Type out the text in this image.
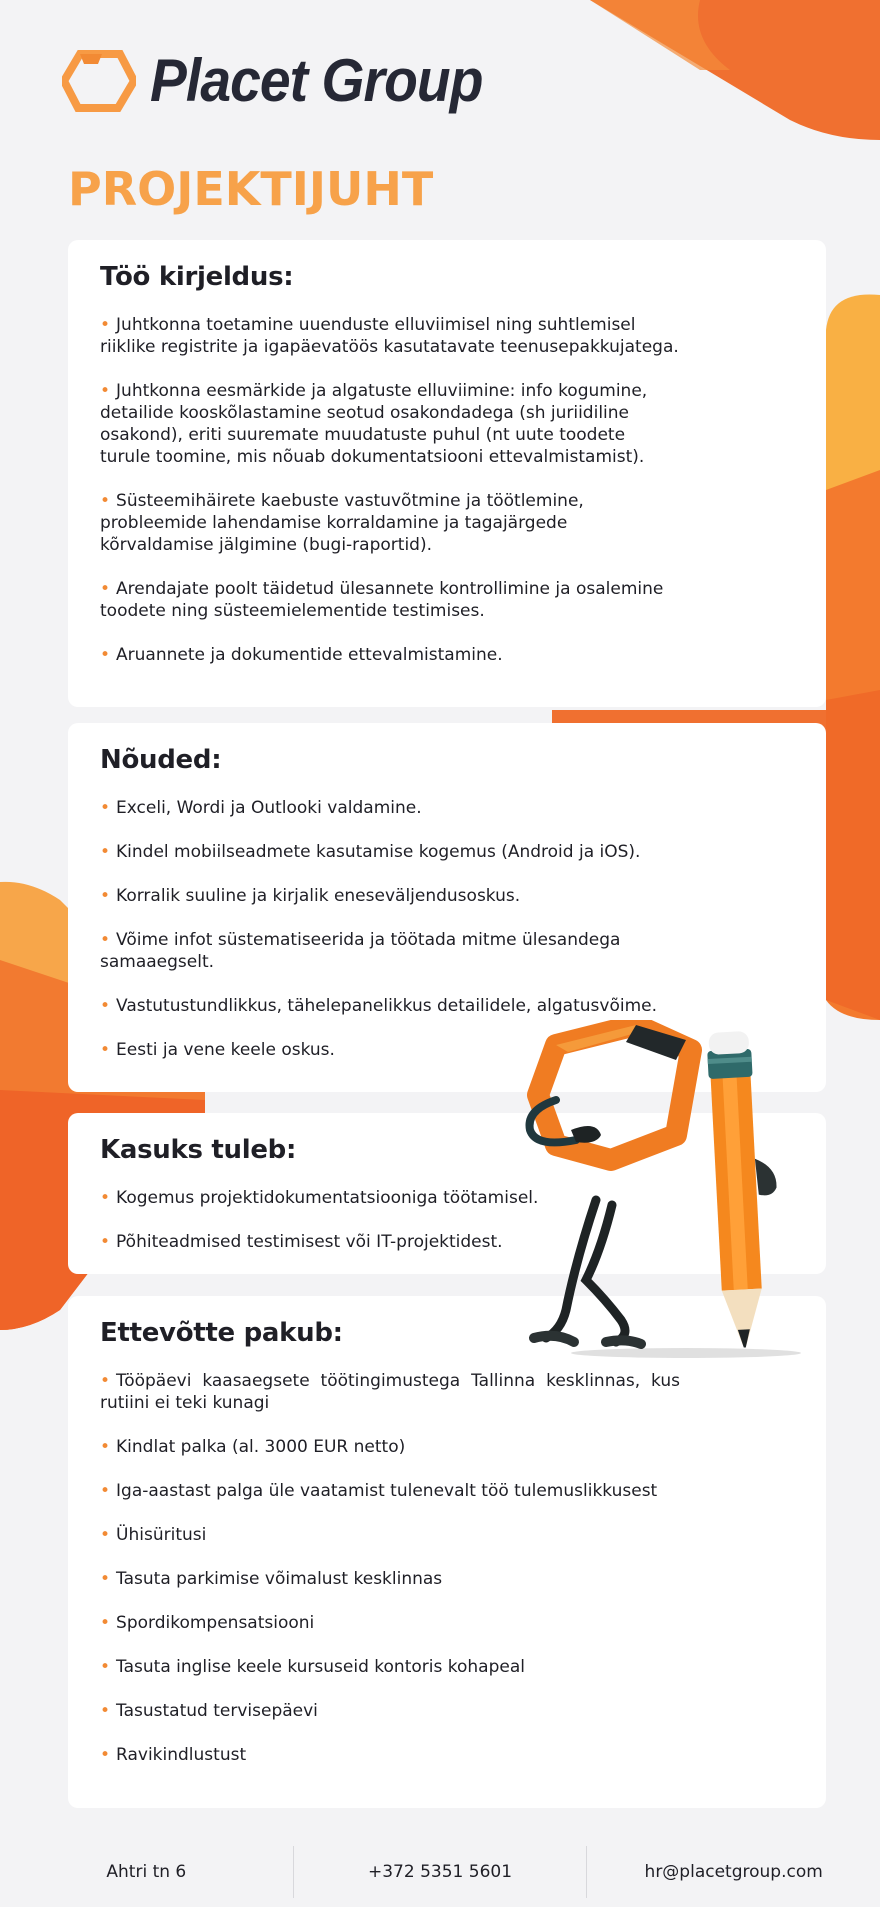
Placet Group
PROJEKTIJUHT
Töö kirjeldus:
• Juhtkonna toetamine uuenduste elluviimisel ning suhtlemisel riiklike registrite ja igapäevatöös kasutatavate teenusepakkujatega.
• Juhtkonna eesmärkide ja algatuste elluviimine: info kogumine, detailide kooskõlastamine seotud osakondadega (sh juriidiline osakond), eriti suuremate muudatuste puhul (nt uute toodete turule toomine, mis nõuab dokumentatsiooni ettevalmistamist).
• Süsteemihäirete kaebuste vastuvõtmine ja töötlemine, probleemide lahendamise korraldamine ja tagajärgede kõrvaldamise jälgimine (bugi-raportid).
• Arendajate poolt täidetud ülesannete kontrollimine ja osalemine toodete ning süsteemielementide testimises.
• Aruannete ja dokumentide ettevalmistamine.
Nõuded:
• Exceli, Wordi ja Outlooki valdamine.
• Kindel mobiilseadmete kasutamise kogemus (Android ja iOS).
• Korralik suuline ja kirjalik eneseväljendusoskus.
• Võime infot süstematiseerida ja töötada mitme ülesandega samaaegselt.
• Vastutustundlikkus, tähelepanelikkus detailidele, algatusvõime.
• Eesti ja vene keele oskus.
Kasuks tuleb:
• Kogemus projektidokumentatsiooniga töötamisel.
• Põhiteadmised testimisest või IT-projektidest.
Ettevõtte pakub:
• Tööpäevi kaasaegsete töötingimustega Tallinna kesklinnas, kus rutiini ei teki kunagi
• Kindlat palka (al. 3000 EUR netto)
• Iga-aastast palga üle vaatamist tulenevalt töö tulemuslikkusest
• Ühisüritusi
• Tasuta parkimise võimalust kesklinnas
• Spordikompensatsiooni
• Tasuta inglise keele kursuseid kontoris kohapeal
• Tasustatud tervisepäevi
• Ravikindlustust
Ahtri tn 6	+372 5351 5601	hr@placetgroup.com
